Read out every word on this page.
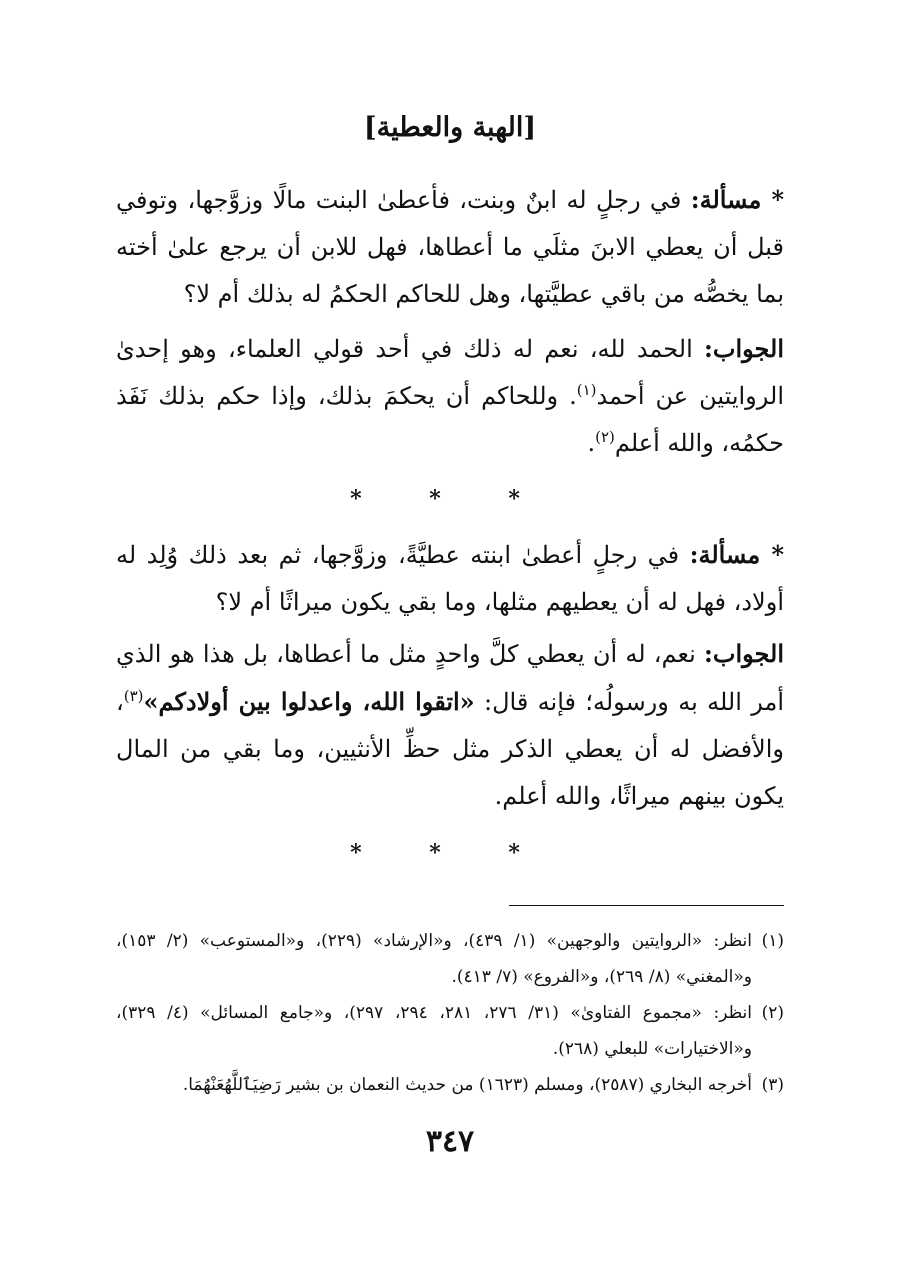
[الهبة والعطية]

* مسألة: في رجلٍ له ابنٌ وبنت، فأعطىٰ البنت مالًا وزوَّجها، وتوفي قبل أن يعطي الابنَ مثلَي ما أعطاها، فهل للابن أن يرجع علىٰ أخته بما يخصُّه من باقي عطيَّتها، وهل للحاكم الحكمُ له بذلك أم لا؟

الجواب: الحمد لله، نعم له ذلك في أحد قولي العلماء، وهو إحدىٰ الروايتين عن أحمد$^{(١)}$. وللحاكم أن يحكمَ بذلك، وإذا حكم بذلك نَفَذ حكمُه، والله أعلم$^{(٢)}$.

* * *

* مسألة: في رجلٍ أعطىٰ ابنته عطيَّةً، وزوَّجها، ثم بعد ذلك وُلِد له أولاد، فهل له أن يعطيهم مثلها، وما بقي يكون ميراثًا أم لا؟

الجواب: نعم، له أن يعطي كلَّ واحدٍ مثل ما أعطاها، بل هذا هو الذي أمر الله به ورسولُه؛ فإنه قال: «اتقوا الله، واعدلوا بين أولادكم»$^{(٣)}$، والأفضل له أن يعطي الذكر مثل حظِّ الأنثيين، وما بقي من المال يكون بينهم ميراثًا، والله أعلم.

* * *
(١)
انظر: «الروايتين والوجهين» (١/ ٤٣٩)، و«الإرشاد» (٢٢٩)، و«المستوعب» (٢/ ١٥٣)، و«المغني» (٨/ ٢٦٩)، و«الفروع» (٧/ ٤١٣).
(٢)
انظر: «مجموع الفتاوىٰ» (٣١/ ٢٧٦، ٢٨١، ٢٩٤، ٢٩٧)، و«جامع المسائل» (٤/ ٣٢٩)، و«الاختيارات» للبعلي (٢٦٨).
(٣)
أخرجه البخاري (٢٥٨٧)، ومسلم (١٦٢٣) من حديث النعمان بن بشير رَضِيَٱللَّهُعَنْهُمَا.
٣٤٧
